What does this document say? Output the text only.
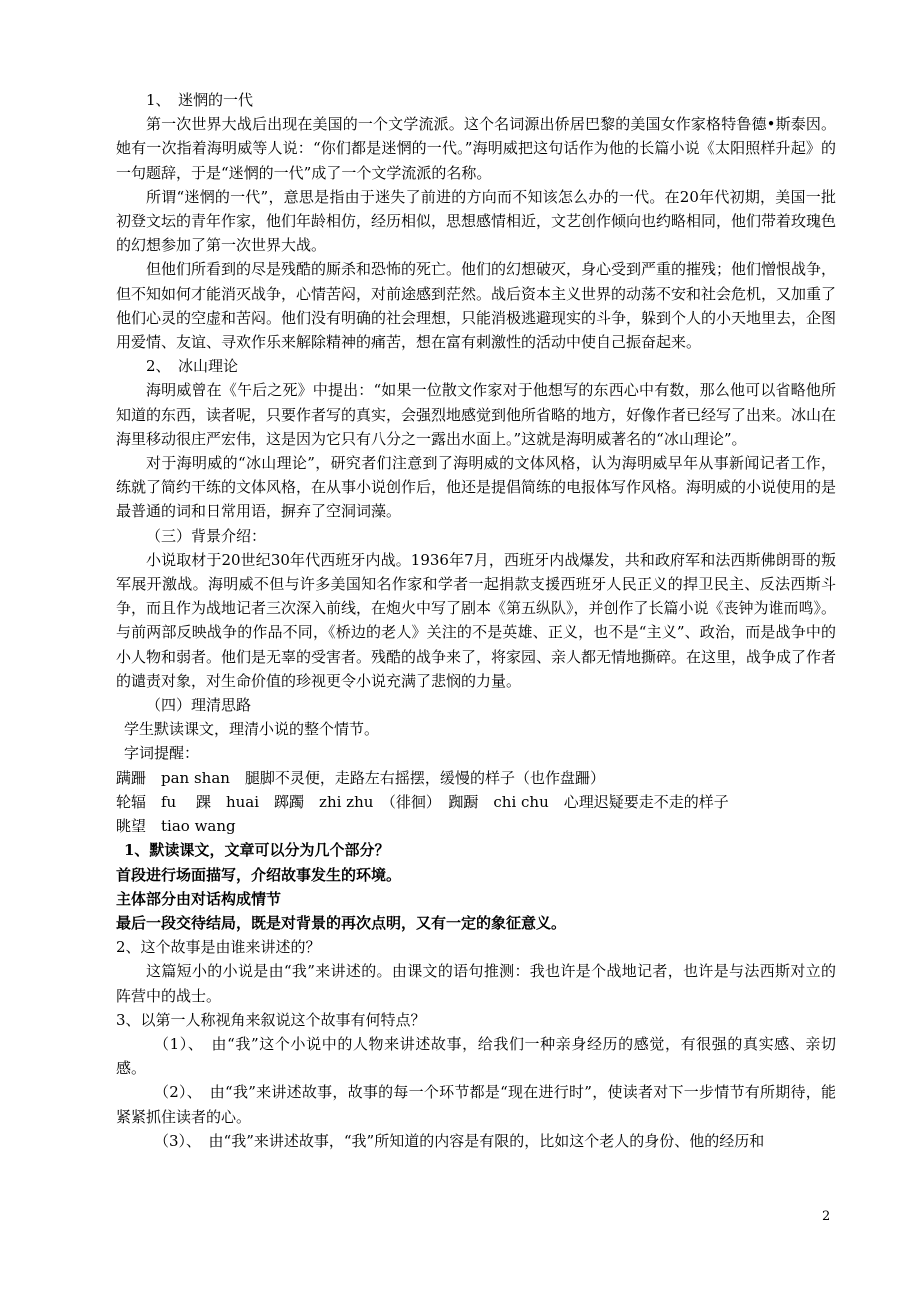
1、　迷惘的一代
第一次世界大战后出现在美国的一个文学流派。这个名词源出侨居巴黎的美国女作家格特鲁德•斯泰因。她有一次指着海明威等人说：“你们都是迷惘的一代。”海明威把这句话作为他的长篇小说《太阳照样升起》的一句题辞，于是“迷惘的一代”成了一个文学流派的名称。
所谓“迷惘的一代”，意思是指由于迷失了前进的方向而不知该怎么办的一代。在20年代初期，美国一批初登文坛的青年作家，他们年龄相仿，经历相似，思想感情相近，文艺创作倾向也约略相同，他们带着玫瑰色的幻想参加了第一次世界大战。
但他们所看到的尽是残酷的厮杀和恐怖的死亡。他们的幻想破灭，身心受到严重的摧残；他们憎恨战争，但不知如何才能消灭战争，心情苦闷，对前途感到茫然。战后资本主义世界的动荡不安和社会危机，又加重了他们心灵的空虚和苦闷。他们没有明确的社会理想，只能消极逃避现实的斗争，躲到个人的小天地里去，企图用爱情、友谊、寻欢作乐来解除精神的痛苦，想在富有刺激性的活动中使自己振奋起来。
2、　冰山理论
海明威曾在《午后之死》中提出：“如果一位散文作家对于他想写的东西心中有数，那么他可以省略他所知道的东西，读者呢，只要作者写的真实，会强烈地感觉到他所省略的地方，好像作者已经写了出来。冰山在海里移动很庄严宏伟，这是因为它只有八分之一露出水面上。”这就是海明威著名的“冰山理论”。
对于海明威的“冰山理论”，研究者们注意到了海明威的文体风格，认为海明威早年从事新闻记者工作，练就了简约干练的文体风格，在从事小说创作后，他还是提倡简练的电报体写作风格。海明威的小说使用的是最普通的词和日常用语，摒弃了空洞词藻。
（三）背景介绍：
小说取材于20世纪30年代西班牙内战。1936年7月，西班牙内战爆发，共和政府军和法西斯佛朗哥的叛军展开激战。海明威不但与许多美国知名作家和学者一起捐款支援西班牙人民正义的捍卫民主、反法西斯斗争，而且作为战地记者三次深入前线，在炮火中写了剧本《第五纵队》，并创作了长篇小说《丧钟为谁而鸣》。与前两部反映战争的作品不同，《桥边的老人》关注的不是英雄、正义，也不是“主义”、政治，而是战争中的小人物和弱者。他们是无辜的受害者。残酷的战争来了，将家园、亲人都无情地撕碎。在这里，战争成了作者的谴责对象，对生命价值的珍视更令小说充满了悲悯的力量。
（四）理清思路
学生默读课文，理清小说的整个情节。
字词提醒：
蹒跚　pan shan　腿脚不灵便，走路左右摇摆，缓慢的样子（也作盘跚）
轮辐　fu　 踝　huai　踯躅　zhi zhu　（徘徊）　踟蹰　chi chu　心理迟疑要走不走的样子
眺望　tiao wang
1、默读课文，文章可以分为几个部分？
首段进行场面描写，介绍故事发生的环境。
主体部分由对话构成情节
最后一段交待结局，既是对背景的再次点明，又有一定的象征意义。
2、这个故事是由谁来讲述的？
这篇短小的小说是由“我”来讲述的。由课文的语句推测：我也许是个战地记者，也许是与法西斯对立的阵营中的战士。
3、以第一人称视角来叙说这个故事有何特点？
（1）、　由“我”这个小说中的人物来讲述故事，给我们一种亲身经历的感觉，有很强的真实感、亲切感。
（2）、　由“我”来讲述故事，故事的每一个环节都是“现在进行时”，使读者对下一步情节有所期待，能紧紧抓住读者的心。
（3）、　由“我”来讲述故事，“我”所知道的内容是有限的，比如这个老人的身份、他的经历和
2
